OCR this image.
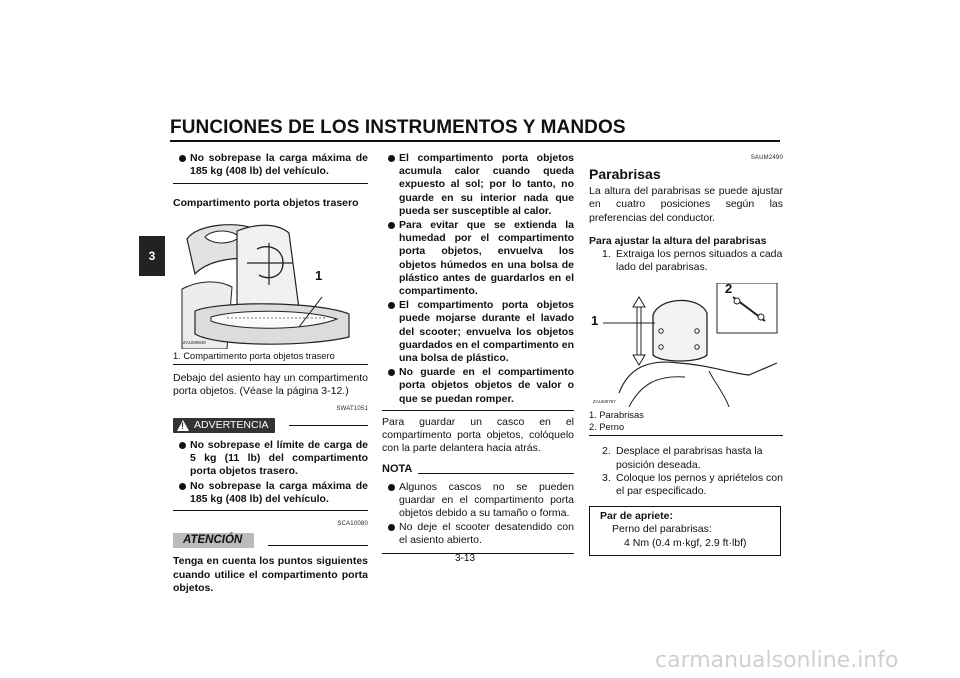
FUNCIONES DE LOS INSTRUMENTOS Y MANDOS
3

No sobrepase la carga máxima de 185 kg (408 lb) del vehículo.

Compartimento porta objetos trasero

ZAUM0849
1

1. Compartimento porta objetos trasero

Debajo del asiento hay un compartimento porta objetos. (Véase la página 3-12.)

SWAT1051
! ADVERTENCIA

No sobrepase el límite de carga de 5 kg (11 lb) del compartimento porta objetos trasero.

No sobrepase la carga máxima de 185 kg (408 lb) del vehículo.

SCA10080
ATENCIÓN

Tenga en cuenta los puntos siguientes cuando utilice el compartimento porta objetos.

El compartimento porta objetos acumula calor cuando queda expuesto al sol; por lo tanto, no guarde en su interior nada que pueda ser susceptible al calor.

Para evitar que se extienda la humedad por el compartimento porta objetos, envuelva los objetos húmedos en una bolsa de plástico antes de guardarlos en el compartimento.

El compartimento porta objetos puede mojarse durante el lavado del scooter; envuelva los objetos guardados en el compartimento en una bolsa de plástico.

No guarde en el compartimento porta objetos objetos de valor o que se puedan romper.

Para guardar un casco en el compartimento porta objetos, colóquelo con la parte delantera hacia atrás.

NOTA

Algunos cascos no se pueden guardar en el compartimento porta objetos debido a su tamaño o forma.

No deje el scooter desatendido con el asiento abierto.

SAUM2490

Parabrisas

La altura del parabrisas se puede ajustar en cuatro posiciones según las preferencias del conductor.

Para ajustar la altura del parabrisas

1. Extraiga los pernos situados a cada lado del parabrisas.
ZAUM0787
2
1

1. Parabrisas

2. Perno

2. Desplace el parabrisas hasta la posición deseada.
3. Coloque los pernos y apriételos con el par especificado.

Par de apriete:

Perno del parabrisas:

4 Nm (0.4 m·kgf, 2.9 ft·lbf)

3-13
carmanualsonline.info
